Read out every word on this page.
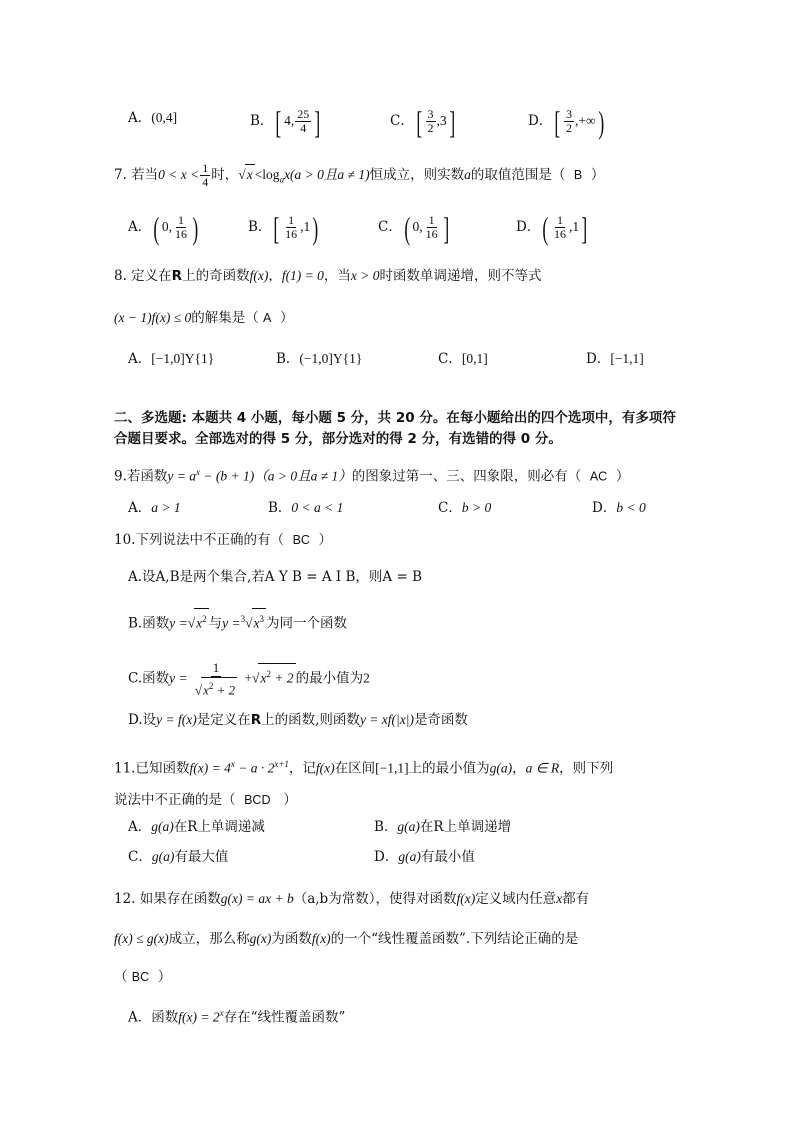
A．(0,4]	B．[ 4, $\frac{25}{4}$ ]	C．[ $\frac{3}{2} ,3$]	D．[ $\frac{3}{2}$ ,+∞)
7. 若当$0 < x < \frac{1}{4}$ 时，$√x <\log_ax(a > 0$且a ≠ 1)恒成立，则实数a的取值范围是（ B ）
A．( 0, $\frac{1}{16}$ )	B．[ $\frac{1}{16} ,1$)	C．( 0, $\frac{1}{16}$ ]	D．( $\frac{1}{16} ,1$]
8. 定义在R上的奇函数f(x)，f(1) = 0，当x > 0时函数单调递增，则不等式
(x − 1)f(x) ≤ 0的解集是（ A ）
A．[−1,0]Y{1}	B．(−1,0]Y{1}	C．[0,1]	D．[−1,1]
二、多选题: 本题共 4 小题，每小题 5 分，共 20 分。在每小题给出的四个选项中，有多项符
合题目要求。全部选对的得 5 分，部分选对的得 2 分，有选错的得 0 分。
9.若函数$y = a^x - (b + 1)(a > 0$且a ≠ 1）的图象过第一、三、四象限，则必有（ AC ）
A．a > 1	B．0 < a < 1	C．b > 0	D．b < 0
10.下列说法中不正确的有（ BC ）
A.设A,B是两个集合,若A Y B = A I B，则A = B
B.函数$y =√x^2$ 与$y =^3√x^3$ 为同一个函数
C.函数$y = \frac{1}{√x^2 + 2} +√x^2 + 2$ 的最小值为2
D.设y = f(x)是定义在R上的函数,则函数y = xf(|x|)是奇函数
11.已知函数$f(x) = 4^x - a \cdot 2^{x+1}$，记f(x)在区间[−1,1]上的最小值为g(a)，a ∈ R，则下列
说法中不正确的是（ BCD ）
A．g(a)在R上单调递减	B．g(a)在R上单调递增
C．g(a)有最大值	D．g(a)有最小值
12. 如果存在函数g(x) = ax + b（a,b为常数），使得对函数f(x)定义域内任意x都有
f(x) ≤ g(x)成立，那么称g(x)为函数f(x)的一个“线性覆盖函数”.下列结论正确的是
（ BC ）
A．函数$f(x) = 2^x$存在“线性覆盖函数”
